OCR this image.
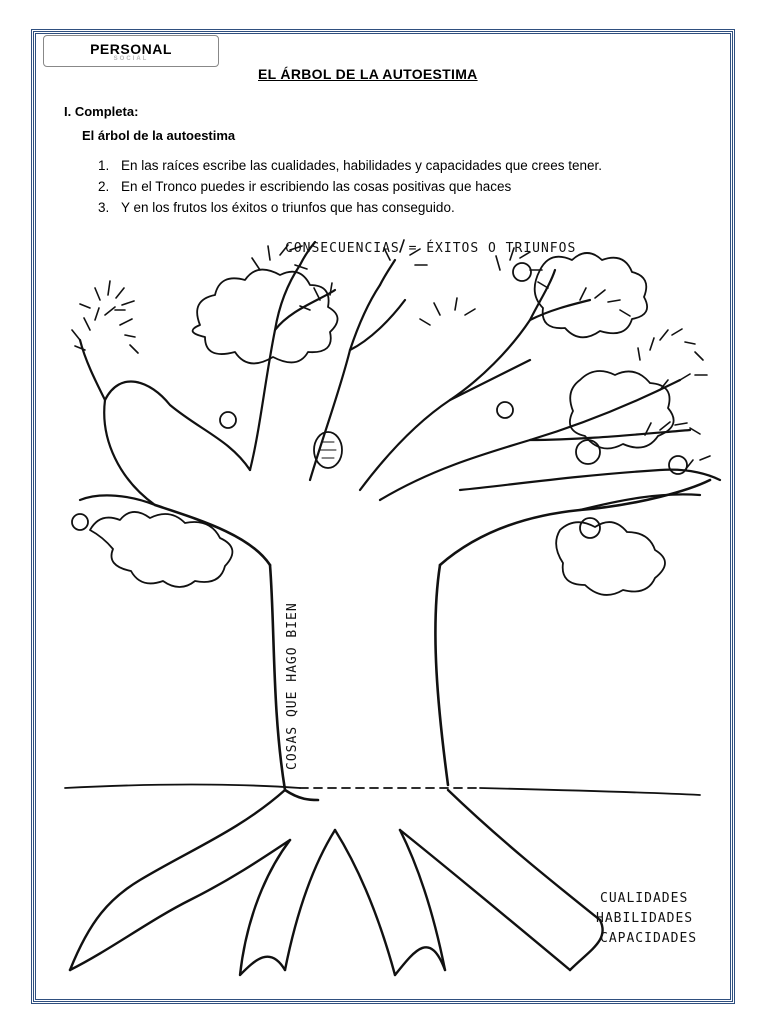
PERSONAL
SOCIAL
EL ÁRBOL DE LA AUTOESTIMA
I. Completa:
El árbol de la autoestima
1. En las raíces escribe las cualidades, habilidades y capacidades que crees tener.
2. En el Tronco puedes ir escribiendo las cosas positivas que haces
3. Y en los frutos los éxitos o triunfos que has conseguido.
CONSECUENCIAS = ÉXITOS O TRIUNFOS
COSAS QUE HAGO BIEN
CUALIDADES
HABILIDADES
CAPACIDADES
